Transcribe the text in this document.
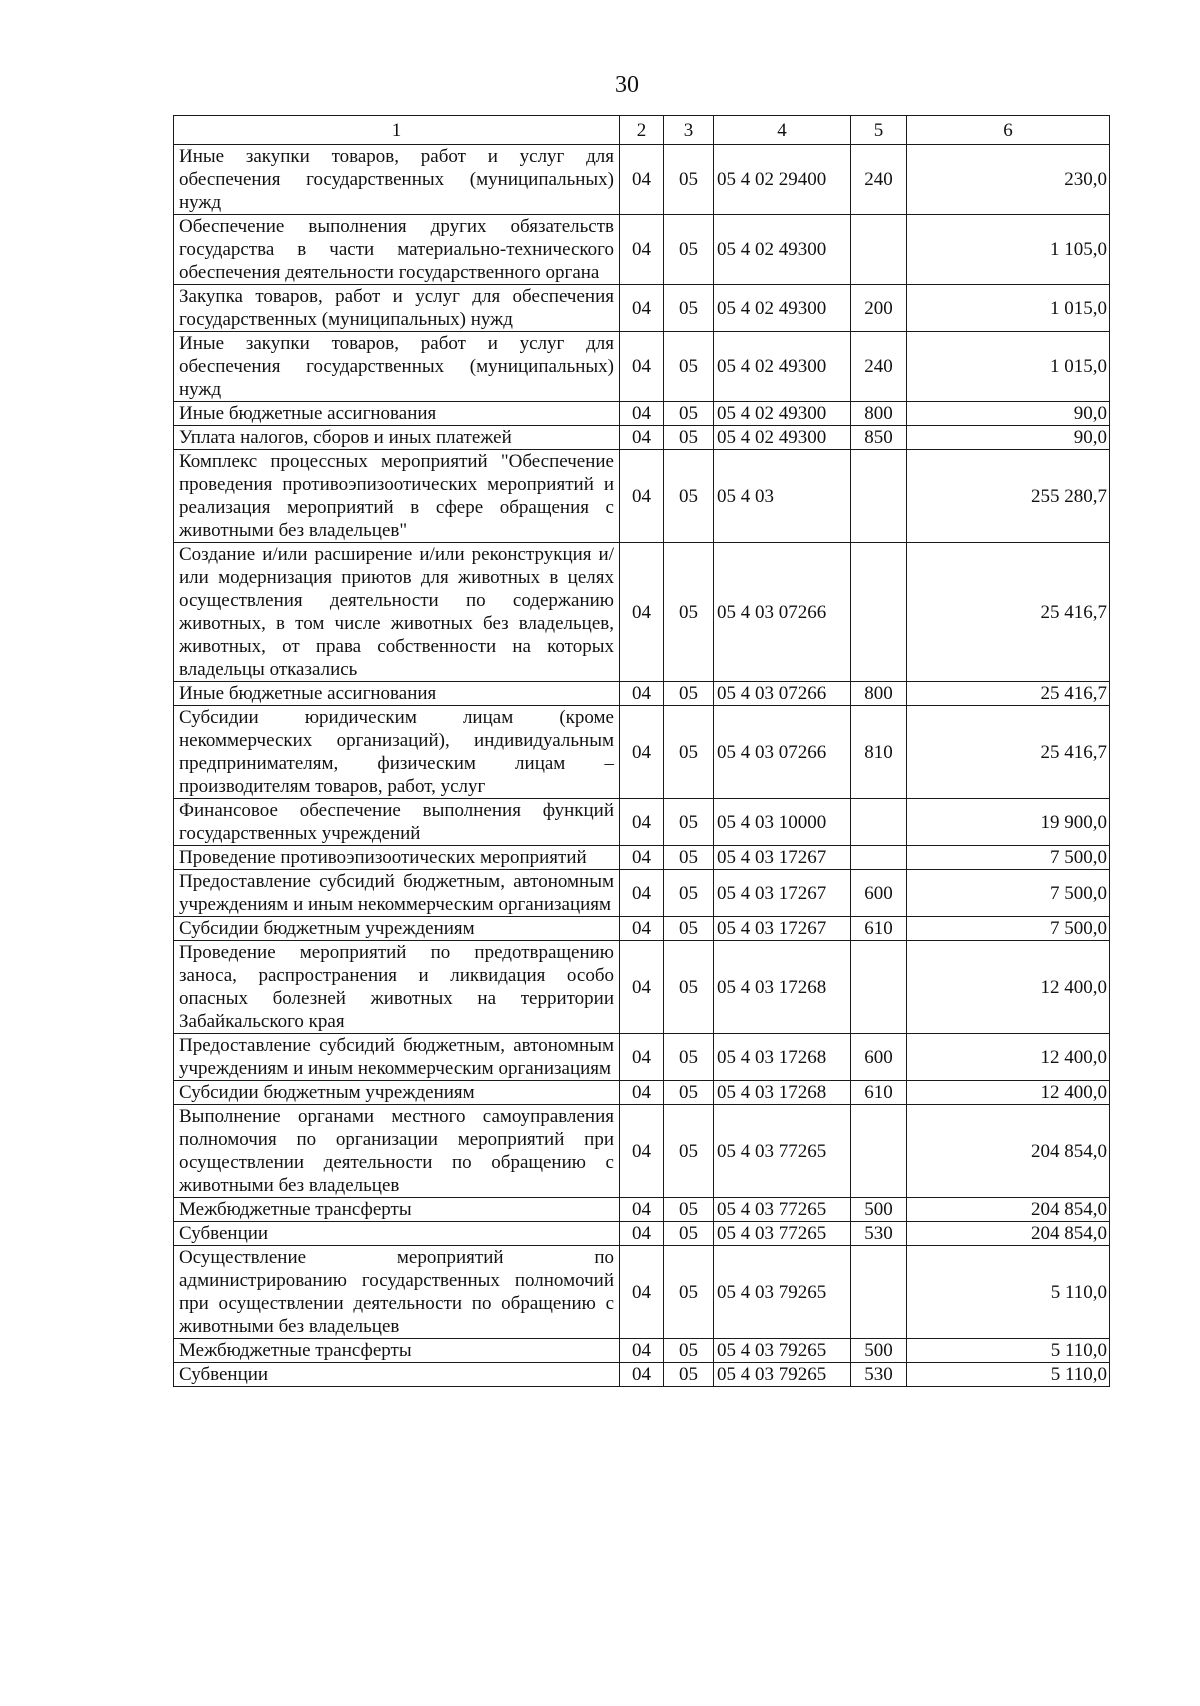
30
1	2	3	4	5	6
Иные закупки товаров, работ и услуг для обеспечения государственных (муниципальных) нужд	04	05	05 4 02 29400	240	230,0
Обеспечение выполнения других обязательств государства в части материально-технического обеспечения деятельности государственного органа	04	05	05 4 02 49300		1 105,0
Закупка товаров, работ и услуг для обеспечения государственных (муниципальных) нужд	04	05	05 4 02 49300	200	1 015,0
Иные закупки товаров, работ и услуг для обеспечения государственных (муниципальных) нужд	04	05	05 4 02 49300	240	1 015,0
Иные бюджетные ассигнования	04	05	05 4 02 49300	800	90,0
Уплата налогов, сборов и иных платежей	04	05	05 4 02 49300	850	90,0
Комплекс процессных мероприятий "Обеспечение проведения противоэпизоотических мероприятий и реализация мероприятий в сфере обращения с животными без владельцев"	04	05	05 4 03		255 280,7
Создание и/или расширение и/или реконструкция и/или модернизация приютов для животных в целях осуществления деятельности по содержанию животных, в том числе животных без владельцев, животных, от права собственности на которых владельцы отказались	04	05	05 4 03 07266		25 416,7
Иные бюджетные ассигнования	04	05	05 4 03 07266	800	25 416,7
Субсидии юридическим лицам (кроме некоммерческих организаций), индивидуальным предпринимателям, физическим лицам – производителям товаров, работ, услуг	04	05	05 4 03 07266	810	25 416,7
Финансовое обеспечение выполнения функций государственных учреждений	04	05	05 4 03 10000		19 900,0
Проведение противоэпизоотических мероприятий	04	05	05 4 03 17267		7 500,0
Предоставление субсидий бюджетным, автономным учреждениям и иным некоммерческим организациям	04	05	05 4 03 17267	600	7 500,0
Субсидии бюджетным учреждениям	04	05	05 4 03 17267	610	7 500,0
Проведение мероприятий по предотвращению заноса, распространения и ликвидация особо опасных болезней животных на территории Забайкальского края	04	05	05 4 03 17268		12 400,0
Предоставление субсидий бюджетным, автономным учреждениям и иным некоммерческим организациям	04	05	05 4 03 17268	600	12 400,0
Субсидии бюджетным учреждениям	04	05	05 4 03 17268	610	12 400,0
Выполнение органами местного самоуправления полномочия по организации мероприятий при осуществлении деятельности по обращению с животными без владельцев	04	05	05 4 03 77265		204 854,0
Межбюджетные трансферты	04	05	05 4 03 77265	500	204 854,0
Субвенции	04	05	05 4 03 77265	530	204 854,0
Осуществление мероприятий по администрированию государственных полномочий при осуществлении деятельности по обращению с животными без владельцев	04	05	05 4 03 79265		5 110,0
Межбюджетные трансферты	04	05	05 4 03 79265	500	5 110,0
Субвенции	04	05	05 4 03 79265	530	5 110,0
